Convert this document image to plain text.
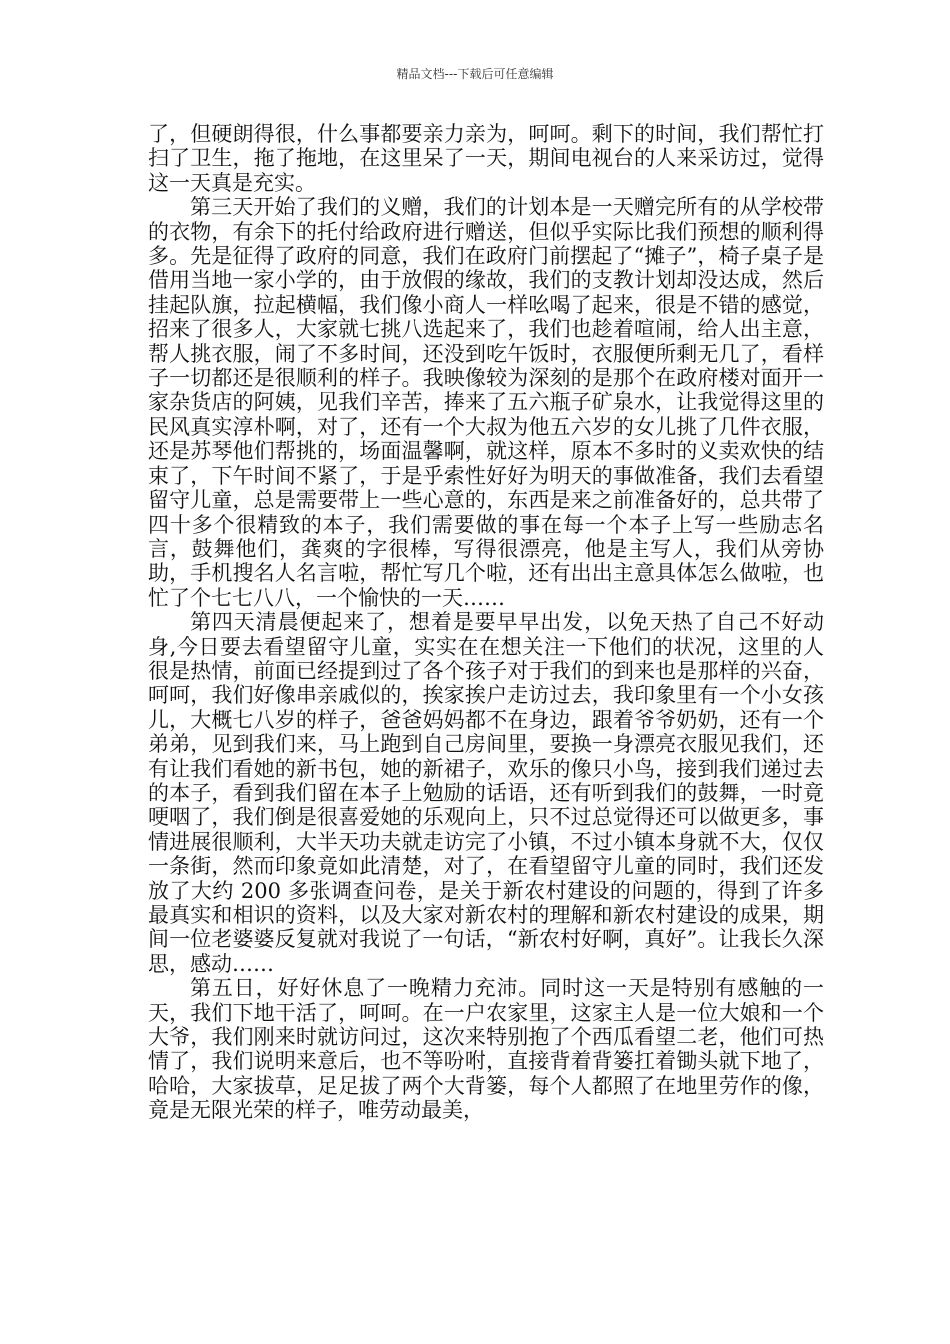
精品文档---下载后可任意编辑

了，但硬朗得很，什么事都要亲力亲为，呵呵。剩下的时间，我们帮忙打扫了卫生，拖了拖地，在这里呆了一天，期间电视台的人来采访过，觉得这一天真是充实。

第三天开始了我们的义赠，我们的计划本是一天赠完所有的从学校带的衣物，有余下的托付给政府进行赠送，但似乎实际比我们预想的顺利得多。先是征得了政府的同意，我们在政府门前摆起了“摊子”，椅子桌子是借用当地一家小学的，由于放假的缘故，我们的支教计划却没达成，然后挂起队旗，拉起横幅，我们像小商人一样吆喝了起来，很是不错的感觉，招来了很多人，大家就七挑八选起来了，我们也趁着喧闹，给人出主意，帮人挑衣服，闹了不多时间，还没到吃午饭时，衣服便所剩无几了，看样子一切都还是很顺利的样子。我映像较为深刻的是那个在政府楼对面开一家杂货店的阿姨，见我们辛苦，捧来了五六瓶子矿泉水，让我觉得这里的民风真实淳朴啊，对了，还有一个大叔为他五六岁的女儿挑了几件衣服，还是苏琴他们帮挑的，场面温馨啊，就这样，原本不多时的义卖欢快的结束了，下午时间不紧了，于是乎索性好好为明天的事做准备，我们去看望留守儿童，总是需要带上一些心意的，东西是来之前准备好的，总共带了四十多个很精致的本子，我们需要做的事在每一个本子上写一些励志名言，鼓舞他们，龚爽的字很棒，写得很漂亮，他是主写人，我们从旁协助，手机搜名人名言啦，帮忙写几个啦，还有出出主意具体怎么做啦，也忙了个七七八八，一个愉快的一天……

第四天清晨便起来了，想着是要早早出发，以免天热了自己不好动身,今日要去看望留守儿童，实实在在想关注一下他们的状况，这里的人很是热情，前面已经提到过了各个孩子对于我们的到来也是那样的兴奋，呵呵，我们好像串亲戚似的，挨家挨户走访过去，我印象里有一个小女孩儿，大概七八岁的样子，爸爸妈妈都不在身边，跟着爷爷奶奶，还有一个弟弟，见到我们来，马上跑到自己房间里，要换一身漂亮衣服见我们，还有让我们看她的新书包，她的新裙子，欢乐的像只小鸟，接到我们递过去的本子，看到我们留在本子上勉励的话语，还有听到我们的鼓舞，一时竟哽咽了，我们倒是很喜爱她的乐观向上，只不过总觉得还可以做更多，事情进展很顺利，大半天功夫就走访完了小镇，不过小镇本身就不大，仅仅一条街，然而印象竟如此清楚，对了，在看望留守儿童的同时，我们还发放了大约 200 多张调查问卷，是关于新农村建设的问题的，得到了许多最真实和相识的资料，以及大家对新农村的理解和新农村建设的成果，期间一位老婆婆反复就对我说了一句话，“新农村好啊，真好”。让我长久深思，感动……

第五日，好好休息了一晚精力充沛。同时这一天是特别有感触的一天，我们下地干活了，呵呵。在一户农家里，这家主人是一位大娘和一个大爷，我们刚来时就访问过，这次来特别抱了个西瓜看望二老，他们可热情了，我们说明来意后，也不等吩咐，直接背着背篓扛着锄头就下地了，哈哈，大家拔草，足足拔了两个大背篓，每个人都照了在地里劳作的像，竟是无限光荣的样子，唯劳动最美，
